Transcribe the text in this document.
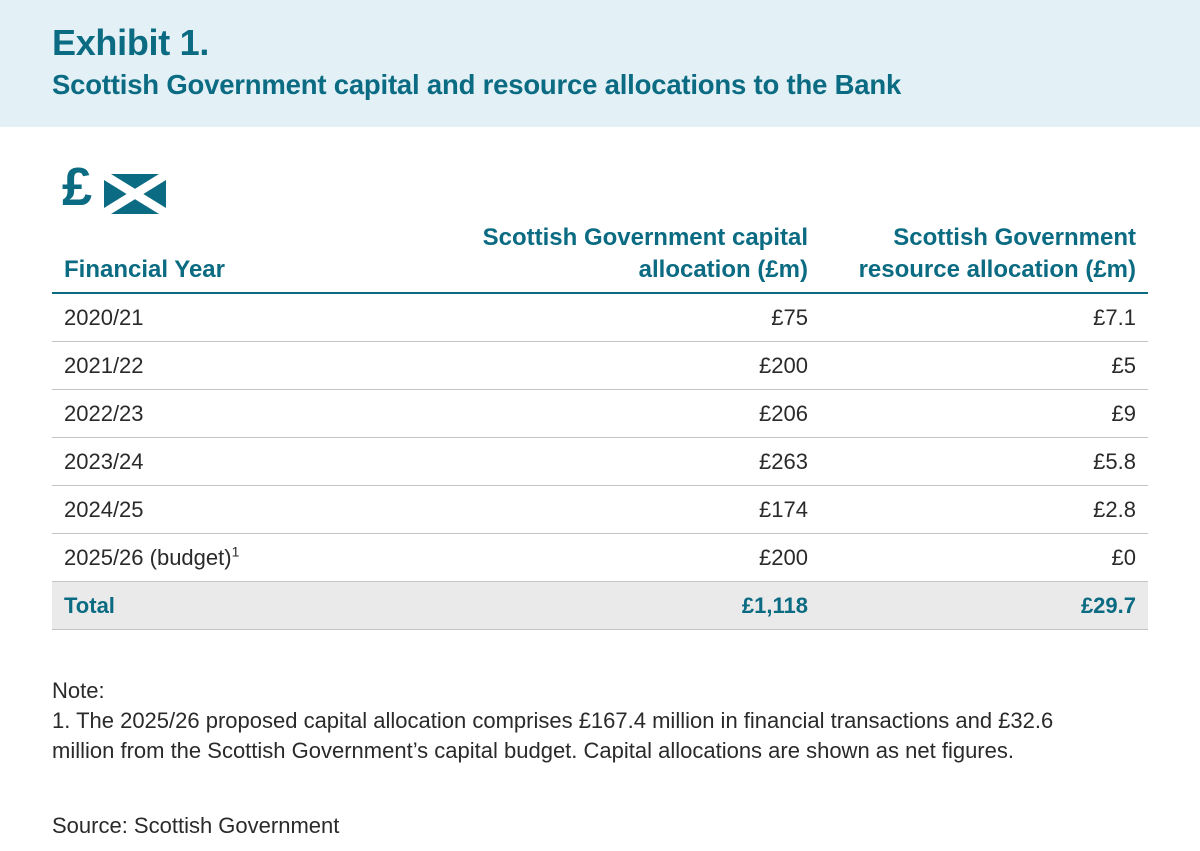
Exhibit 1.
Scottish Government capital and resource allocations to the Bank
£
Financial Year	Scottish Government capital allocation (£m)	Scottish Government resource allocation (£m)
2020/21	£75	£7.1
2021/22	£200	£5
2022/23	£206	£9
2023/24	£263	£5.8
2024/25	£174	£2.8
2025/26 (budget)$^1$	£200	£0
Total	£1,118	£29.7

Note:

1. The 2025/26 proposed capital allocation comprises £167.4 million in financial transactions and £32.6 million from the Scottish Government’s capital budget. Capital allocations are shown as net figures.

Source: Scottish Government
